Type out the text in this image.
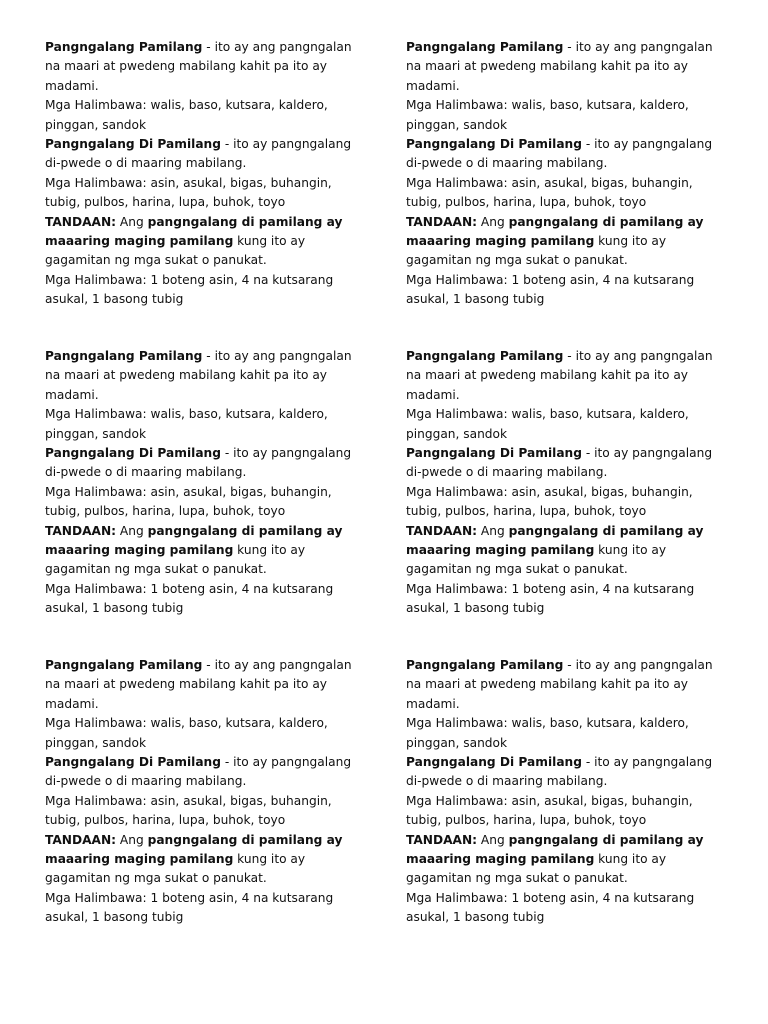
Pangngalang Pamilang - ito ay ang pangngalan na maari at pwedeng mabilang kahit pa ito ay madami.

Mga Halimbawa: walis, baso, kutsara, kaldero, pinggan, sandok

Pangngalang Di Pamilang - ito ay pangngalang di-pwede o di maaring mabilang.

Mga Halimbawa: asin, asukal, bigas, buhangin, tubig, pulbos, harina, lupa, buhok, toyo

TANDAAN: Ang pangngalang di pamilang ay maaaring maging pamilang kung ito ay gagamitan ng mga sukat o panukat.

Mga Halimbawa: 1 boteng asin, 4 na kutsarang asukal, 1 basong tubig

Pangngalang Pamilang - ito ay ang pangngalan na maari at pwedeng mabilang kahit pa ito ay madami.

Mga Halimbawa: walis, baso, kutsara, kaldero, pinggan, sandok

Pangngalang Di Pamilang - ito ay pangngalang di-pwede o di maaring mabilang.

Mga Halimbawa: asin, asukal, bigas, buhangin, tubig, pulbos, harina, lupa, buhok, toyo

TANDAAN: Ang pangngalang di pamilang ay maaaring maging pamilang kung ito ay gagamitan ng mga sukat o panukat.

Mga Halimbawa: 1 boteng asin, 4 na kutsarang asukal, 1 basong tubig

Pangngalang Pamilang - ito ay ang pangngalan na maari at pwedeng mabilang kahit pa ito ay madami.

Mga Halimbawa: walis, baso, kutsara, kaldero, pinggan, sandok

Pangngalang Di Pamilang - ito ay pangngalang di-pwede o di maaring mabilang.

Mga Halimbawa: asin, asukal, bigas, buhangin, tubig, pulbos, harina, lupa, buhok, toyo

TANDAAN: Ang pangngalang di pamilang ay maaaring maging pamilang kung ito ay gagamitan ng mga sukat o panukat.

Mga Halimbawa: 1 boteng asin, 4 na kutsarang asukal, 1 basong tubig

Pangngalang Pamilang - ito ay ang pangngalan na maari at pwedeng mabilang kahit pa ito ay madami.

Mga Halimbawa: walis, baso, kutsara, kaldero, pinggan, sandok

Pangngalang Di Pamilang - ito ay pangngalang di-pwede o di maaring mabilang.

Mga Halimbawa: asin, asukal, bigas, buhangin, tubig, pulbos, harina, lupa, buhok, toyo

TANDAAN: Ang pangngalang di pamilang ay maaaring maging pamilang kung ito ay gagamitan ng mga sukat o panukat.

Mga Halimbawa: 1 boteng asin, 4 na kutsarang asukal, 1 basong tubig

Pangngalang Pamilang - ito ay ang pangngalan na maari at pwedeng mabilang kahit pa ito ay madami.

Mga Halimbawa: walis, baso, kutsara, kaldero, pinggan, sandok

Pangngalang Di Pamilang - ito ay pangngalang di-pwede o di maaring mabilang.

Mga Halimbawa: asin, asukal, bigas, buhangin, tubig, pulbos, harina, lupa, buhok, toyo

TANDAAN: Ang pangngalang di pamilang ay maaaring maging pamilang kung ito ay gagamitan ng mga sukat o panukat.

Mga Halimbawa: 1 boteng asin, 4 na kutsarang asukal, 1 basong tubig

Pangngalang Pamilang - ito ay ang pangngalan na maari at pwedeng mabilang kahit pa ito ay madami.

Mga Halimbawa: walis, baso, kutsara, kaldero, pinggan, sandok

Pangngalang Di Pamilang - ito ay pangngalang di-pwede o di maaring mabilang.

Mga Halimbawa: asin, asukal, bigas, buhangin, tubig, pulbos, harina, lupa, buhok, toyo

TANDAAN: Ang pangngalang di pamilang ay maaaring maging pamilang kung ito ay gagamitan ng mga sukat o panukat.

Mga Halimbawa: 1 boteng asin, 4 na kutsarang asukal, 1 basong tubig
